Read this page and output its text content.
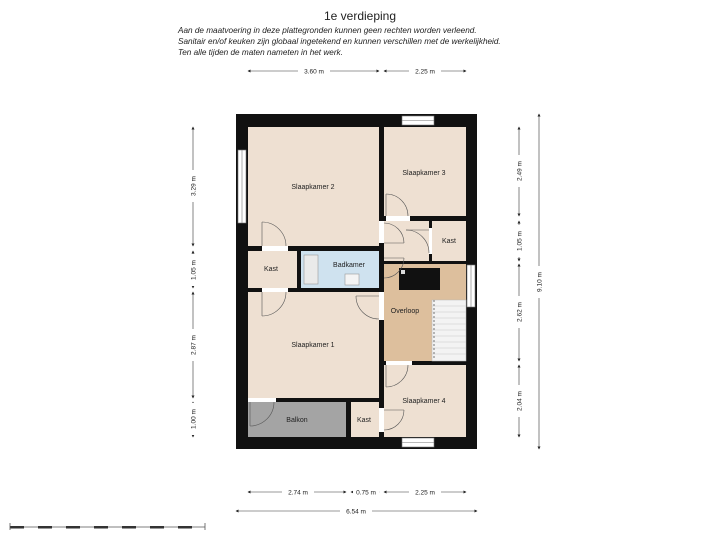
1e verdieping
Aan de maatvoering in deze plattegronden kunnen geen rechten worden verleend.
Sanitair en/of keuken zijn globaal ingetekend en kunnen verschillen met de werkelijkheid.
Ten alle tijden de maten nameten in het werk.
Slaapkamer 2
Slaapkamer 3
Kast
Kast
Badkamer
Overloop
Slaapkamer 1
Balkon	Kast
Slaapkamer 4
3.60 m	2.25 m
2.74 m	0.75 m	2.25 m
6.54 m
3.29 m
1.05 m
2.87 m
1.00 m
2.49 m
1.05 m
2.62 m
2.04 m
9.10 m
